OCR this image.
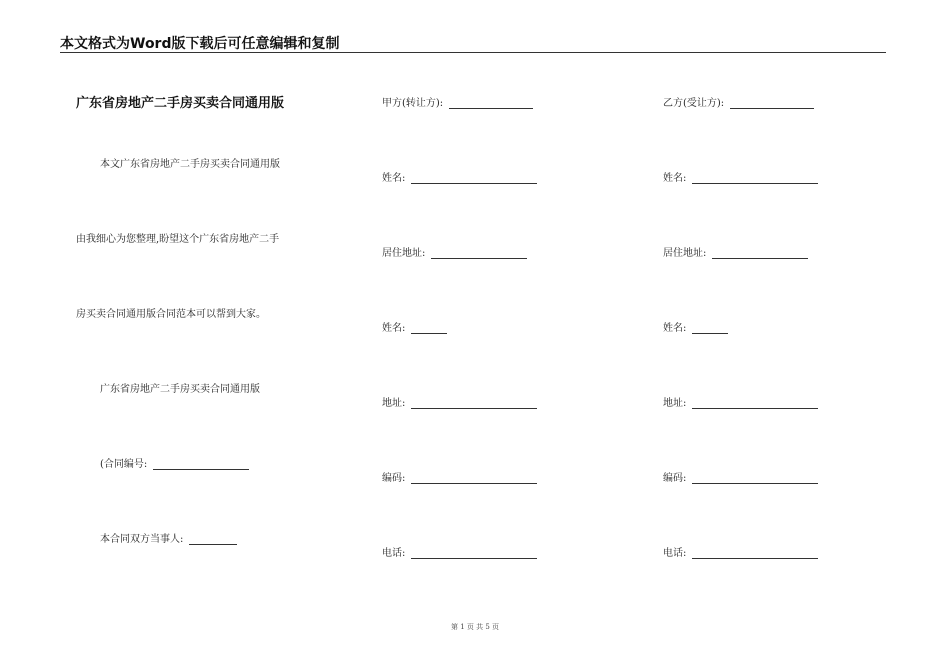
本文格式为Word版下载后可任意编辑和复制
广东省房地产二手房买卖合同通用版
本文广东省房地产二手房买卖合同通用版
由我细心为您整理,盼望这个广东省房地产二手
房买卖合同通用版合同范本可以帮到大家。
广东省房地产二手房买卖合同通用版
(合同编号:
本合同双方当事人:
甲方(转让方):
姓名:
居住地址:
姓名:
地址:
编码:
电话:
乙方(受让方):
姓名:
居住地址:
姓名:
地址:
编码:
电话:
第 1 页 共 5 页
